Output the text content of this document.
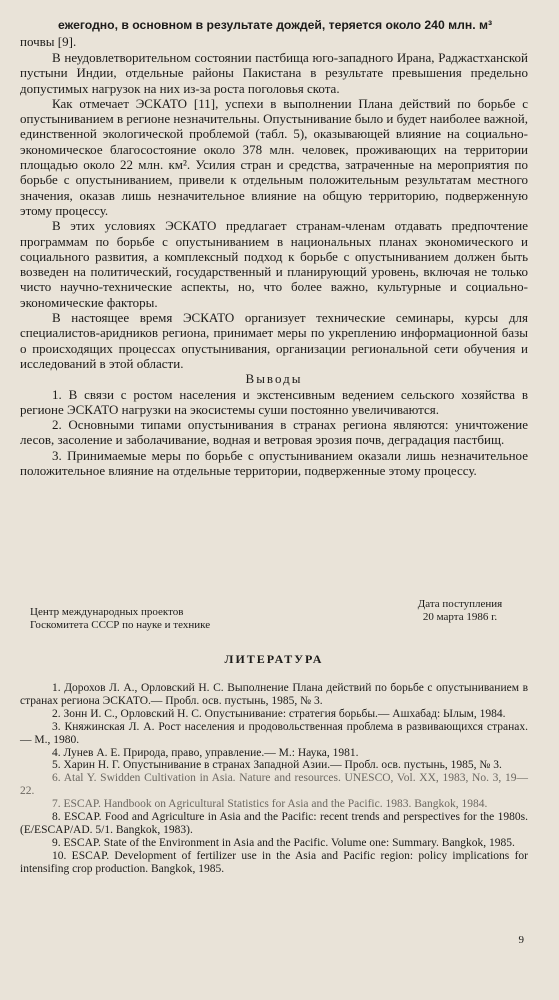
ежегодно, в основном в результате дождей, теряется около 240 млн. м³
почвы [9].

В неудовлетворительном состоянии пастбища юго-западного Ирана, Раджастханской пустыни Индии, отдельные районы Пакистана в результате превышения предельно допустимых нагрузок на них из-за роста поголовья скота.

Как отмечает ЭСКАТО [11], успехи в выполнении Плана действий по борьбе с опустыниванием в регионе незначительны. Опустынивание было и будет наиболее важной, единственной экологической проблемой (табл. 5), оказывающей влияние на социально-экономическое благосостояние около 378 млн. человек, проживающих на территории площадью около 22 млн. км². Усилия стран и средства, затраченные на мероприятия по борьбе с опустыниванием, привели к отдельным положительным результатам местного значения, оказав лишь незначительное влияние на общую территорию, подверженную этому процессу.

В этих условиях ЭСКАТО предлагает странам-членам отдавать предпочтение программам по борьбе с опустыниванием в национальных планах экономического и социального развития, а комплексный подход к борьбе с опустыниванием должен быть возведен на политический, государственный и планирующий уровень, включая не только чисто научно-технические аспекты, но, что более важно, культурные и социально-экономические факторы.

В настоящее время ЭСКАТО организует технические семинары, курсы для специалистов-аридников региона, принимает меры по укреплению информационной базы о происходящих процессах опустынивания, организации региональной сети обучения и исследований в этой области.

Выводы

1. В связи с ростом населения и экстенсивным ведением сельского хозяйства в регионе ЭСКАТО нагрузки на экосистемы суши постоянно увеличиваются.

2. Основными типами опустынивания в странах региона являются: уничтожение лесов, засоление и заболачивание, водная и ветровая эрозия почв, деградация пастбищ.

3. Принимаемые меры по борьбе с опустыниванием оказали лишь незначительное положительное влияние на отдельные территории, подверженные этому процессу.

Центр международных проектов
Госкомитета СССР по науке и технике
Дата поступления
20 марта 1986 г.
ЛИТЕРАТУРА

1. Дорохов Л. А., Орловский Н. С. Выполнение Плана действий по борьбе с опустыниванием в странах региона ЭСКАТО.— Пробл. осв. пустынь, 1985, № 3.

2. Зонн И. С., Орловский Н. С. Опустынивание: стратегия борьбы.— Ашхабад: Ылым, 1984.

3. Княжинская Л. А. Рост населения и продовольственная проблема в развивающихся странах.— М., 1980.

4. Лунев А. Е. Природа, право, управление.— М.: Наука, 1981.

5. Харин Н. Г. Опустынивание в странах Западной Азии.— Пробл. осв. пустынь, 1985, № 3.

6. Atal Y. Swidden Cultivation in Asia. Nature and resources. UNESCO, Vol. XX, 1983, No. 3, 19—22.

7. ESCAP. Handbook on Agricultural Statistics for Asia and the Pacific. 1983. Bangkok, 1984.

8. ESCAP. Food and Agriculture in Asia and the Pacific: recent trends and perspectives for the 1980s. (E/ESCAP/AD. 5/1. Bangkok, 1983).

9. ESCAP. State of the Environment in Asia and the Pacific. Volume one: Summary. Bangkok, 1985.

10. ESCAP. Development of fertilizer use in the Asia and Pacific region: policy implications for intensifing crop production. Bangkok, 1985.

9
